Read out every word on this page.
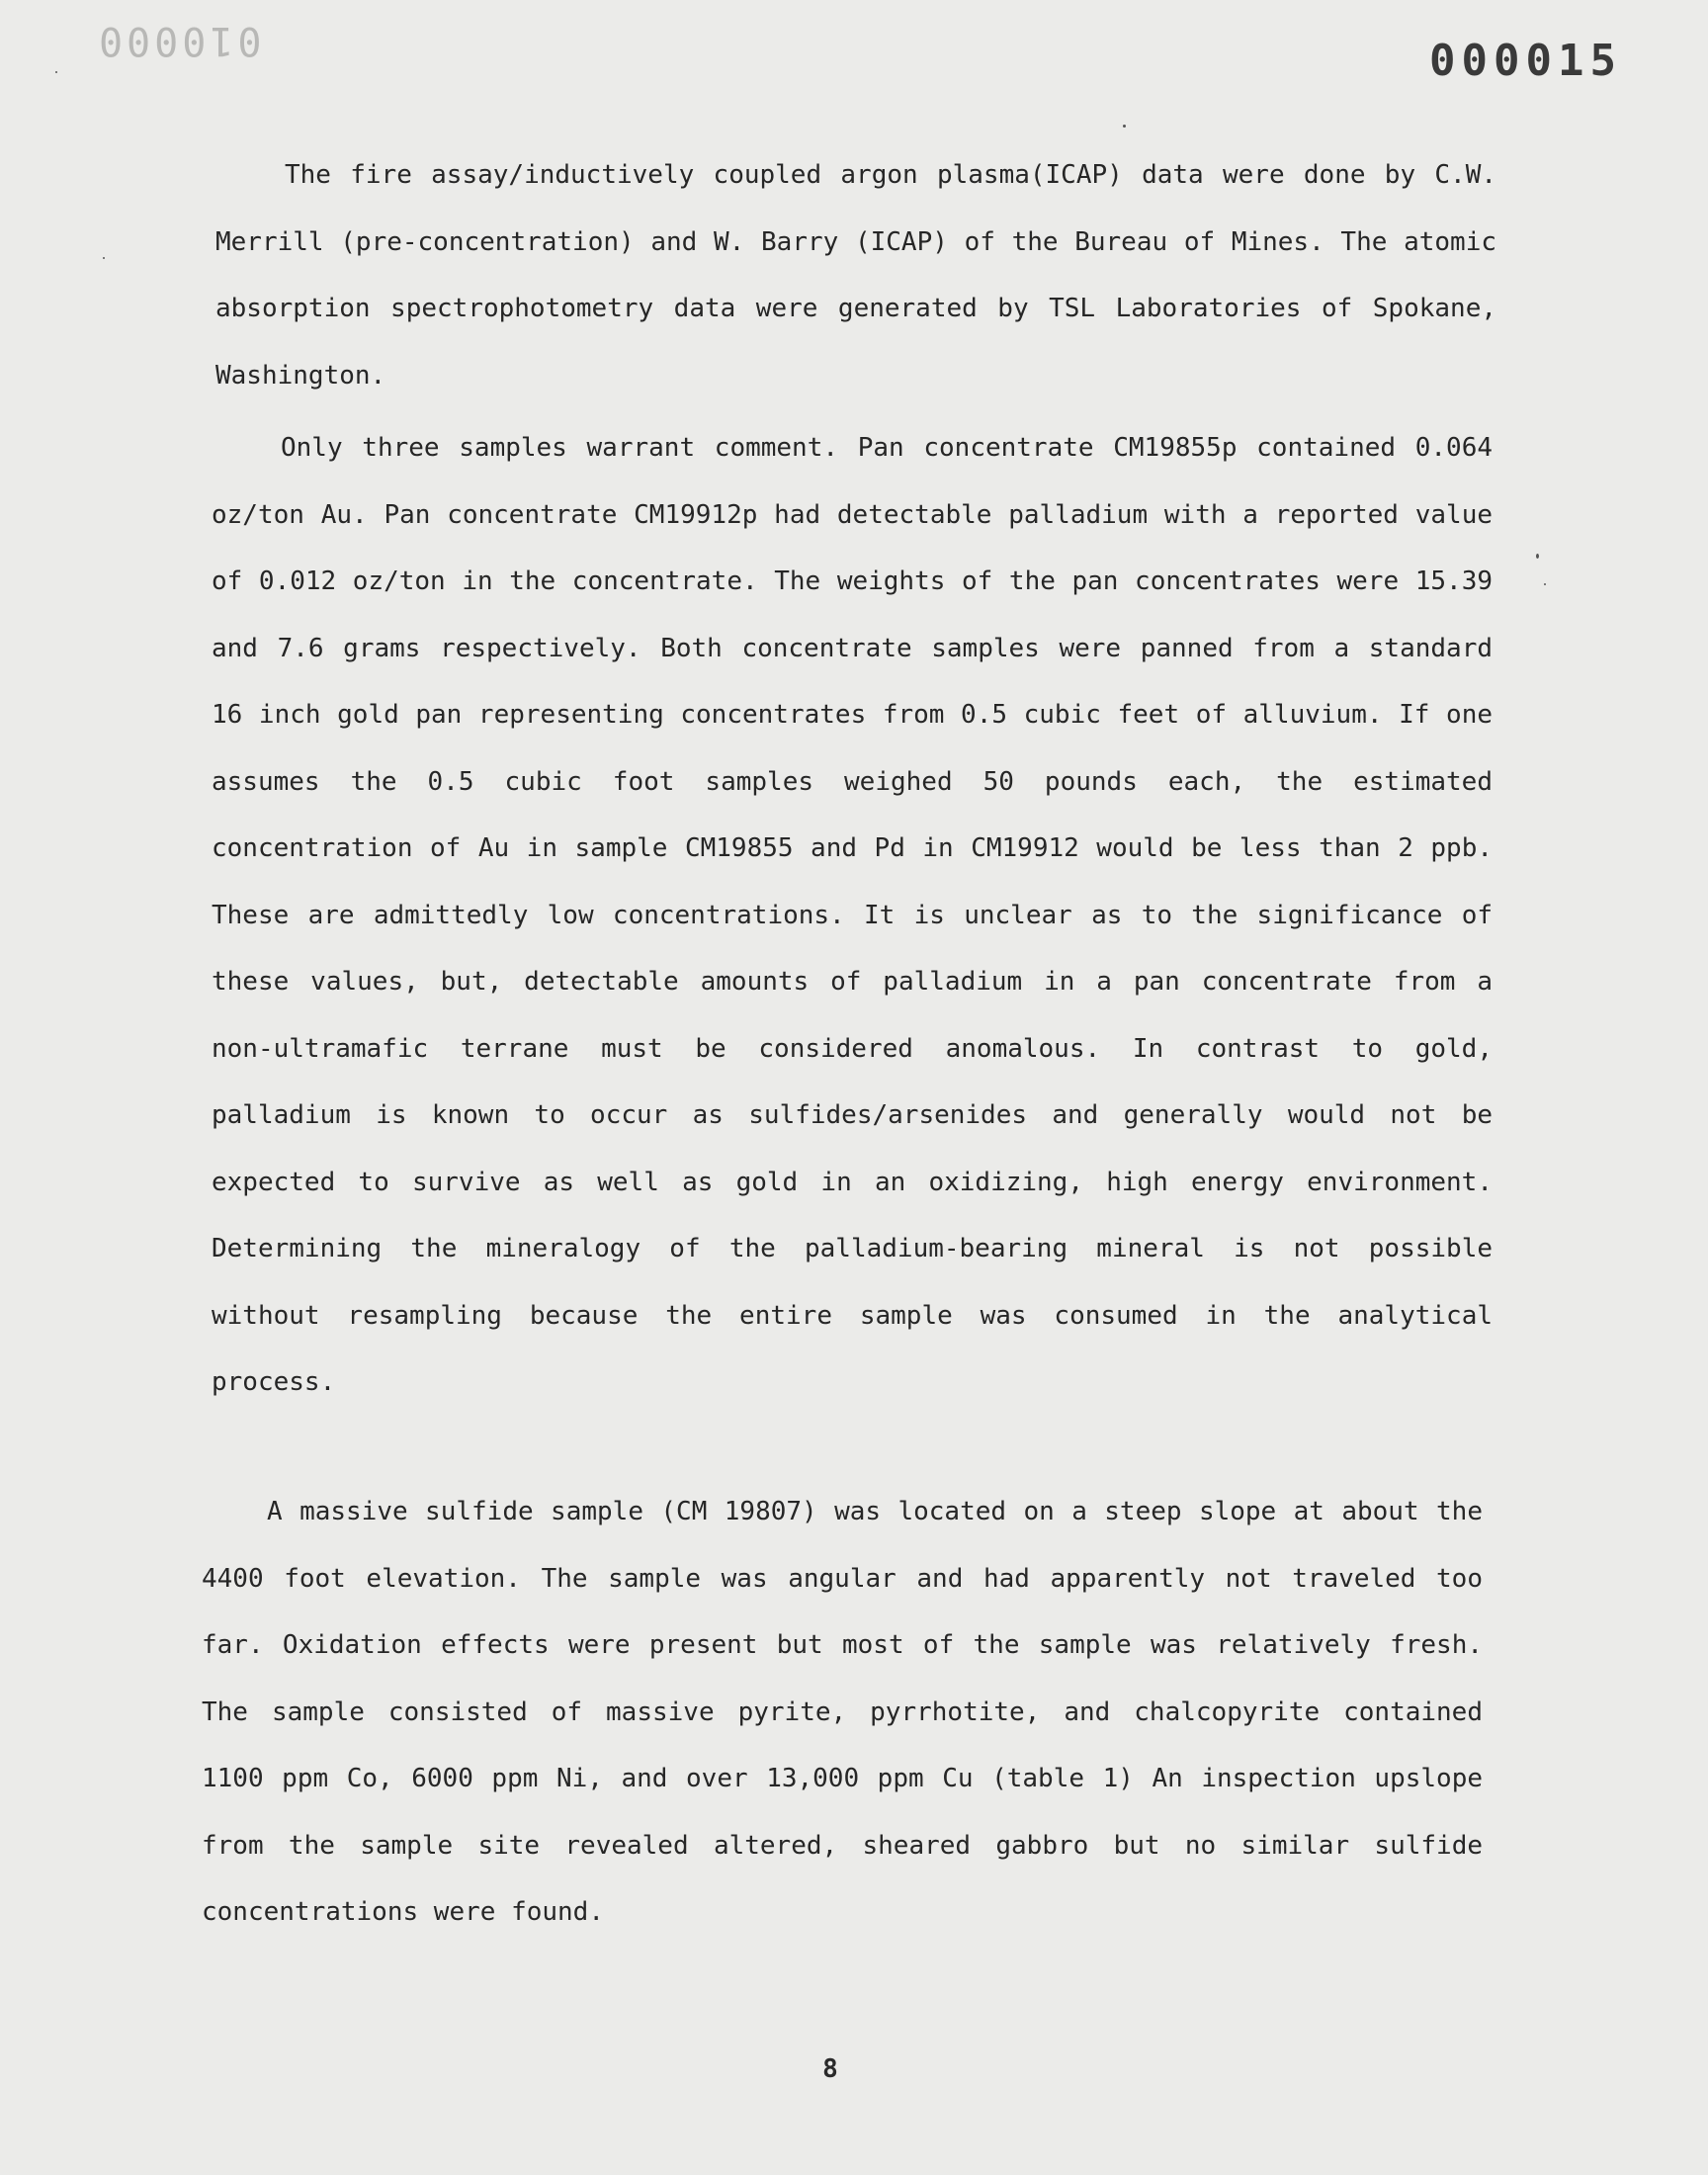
010000	000015

The fire assay/inductively coupled argon plasma(ICAP) data were done by C.W. Merrill (pre-concentration) and W. Barry (ICAP) of the Bureau of Mines. The atomic absorption spectrophotometry data were generated by TSL Laboratories of Spokane, Washington.

Only three samples warrant comment. Pan concentrate CM19855p contained 0.064 oz/ton Au. Pan concentrate CM19912p had detectable palladium with a reported value of 0.012 oz/ton in the concentrate. The weights of the pan concentrates were 15.39 and 7.6 grams respectively. Both concentrate samples were panned from a standard 16 inch gold pan representing concentrates from 0.5 cubic feet of alluvium. If one assumes the 0.5 cubic foot samples weighed 50 pounds each, the estimated concentration of Au in sample CM19855 and Pd in CM19912 would be less than 2 ppb. These are admittedly low concentrations. It is unclear as to the significance of these values, but, detectable amounts of palladium in a pan concentrate from a non-ultramafic terrane must be considered anomalous. In contrast to gold, palladium is known to occur as sulfides/arsenides and generally would not be expected to survive as well as gold in an oxidizing, high energy environment. Determining the mineralogy of the palladium-bearing mineral is not possible without resampling because the entire sample was consumed in the analytical process.

A massive sulfide sample (CM 19807) was located on a steep slope at about the 4400 foot elevation. The sample was angular and had apparently not traveled too far. Oxidation effects were present but most of the sample was relatively fresh. The sample consisted of massive pyrite, pyrrhotite, and chalcopyrite contained 1100 ppm Co, 6000 ppm Ni, and over 13,000 ppm Cu (table 1) An inspection upslope from the sample site revealed altered, sheared gabbro but no similar sulfide concentrations were found.

8
